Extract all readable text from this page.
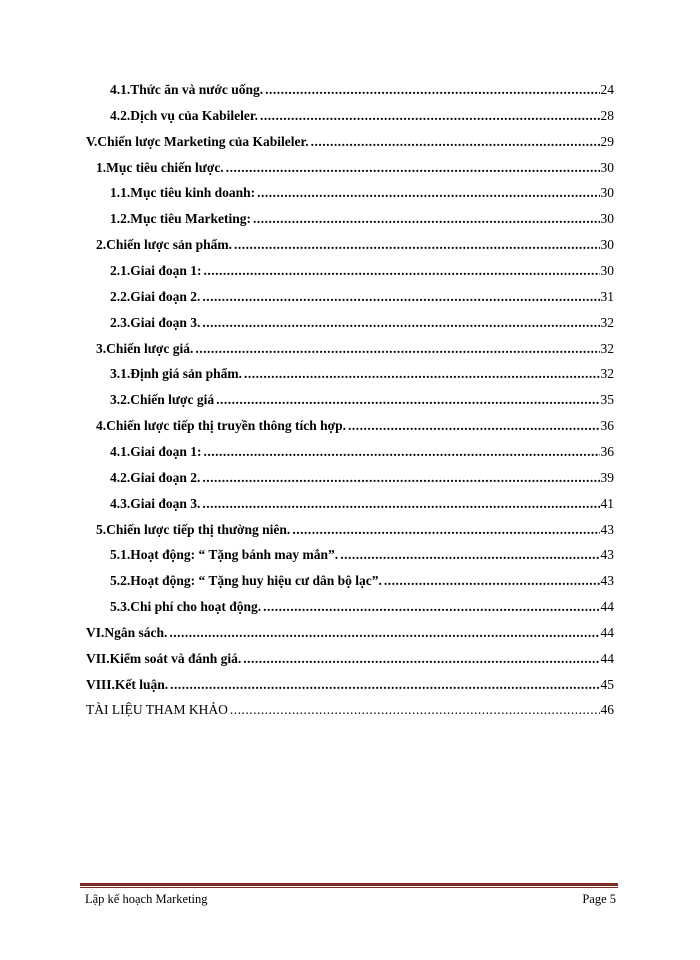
4.1. Thức ăn và nước uống. .....	24
4.2. Dịch vụ của Kabileler. .....	28
V. Chiến lược Marketing của Kabileler. .....	29
1. Mục tiêu chiến lược. .....	30
1.1. Mục tiêu kinh doanh: .....	30
1.2. Mục tiêu Marketing: .....	30
2. Chiến lược sản phẩm. .....	30
2.1. Giai đoạn 1: .....	30
2.2. Giai đoạn 2. .....	31
2.3. Giai đoạn 3. .....	32
3. Chiến lược giá. .....	32
3.1. Định giá sản phẩm. .....	32
3.2. Chiến lược giá .....	35
4. Chiến lược tiếp thị truyền thông tích hợp. .....	36
4.1. Giai đoạn 1: .....	36
4.2. Giai đoạn 2. .....	39
4.3. Giai đoạn 3. .....	41
5. Chiến lược tiếp thị thường niên. .....	43
5.1. Hoạt động: “ Tặng bánh may mắn”. .....	43
5.2. Hoạt động: “ Tặng huy hiệu cư dân bộ lạc”. .....	43
5.3. Chi phí cho hoạt động. .....	44
VI. Ngân sách. .....	44
VII. Kiểm soát và đánh giá. .....	44
VIII. Kết luận. .....	45
TÀI LIỆU THAM KHẢO .....	46
Lập kế hoạch Marketing	Page 5
